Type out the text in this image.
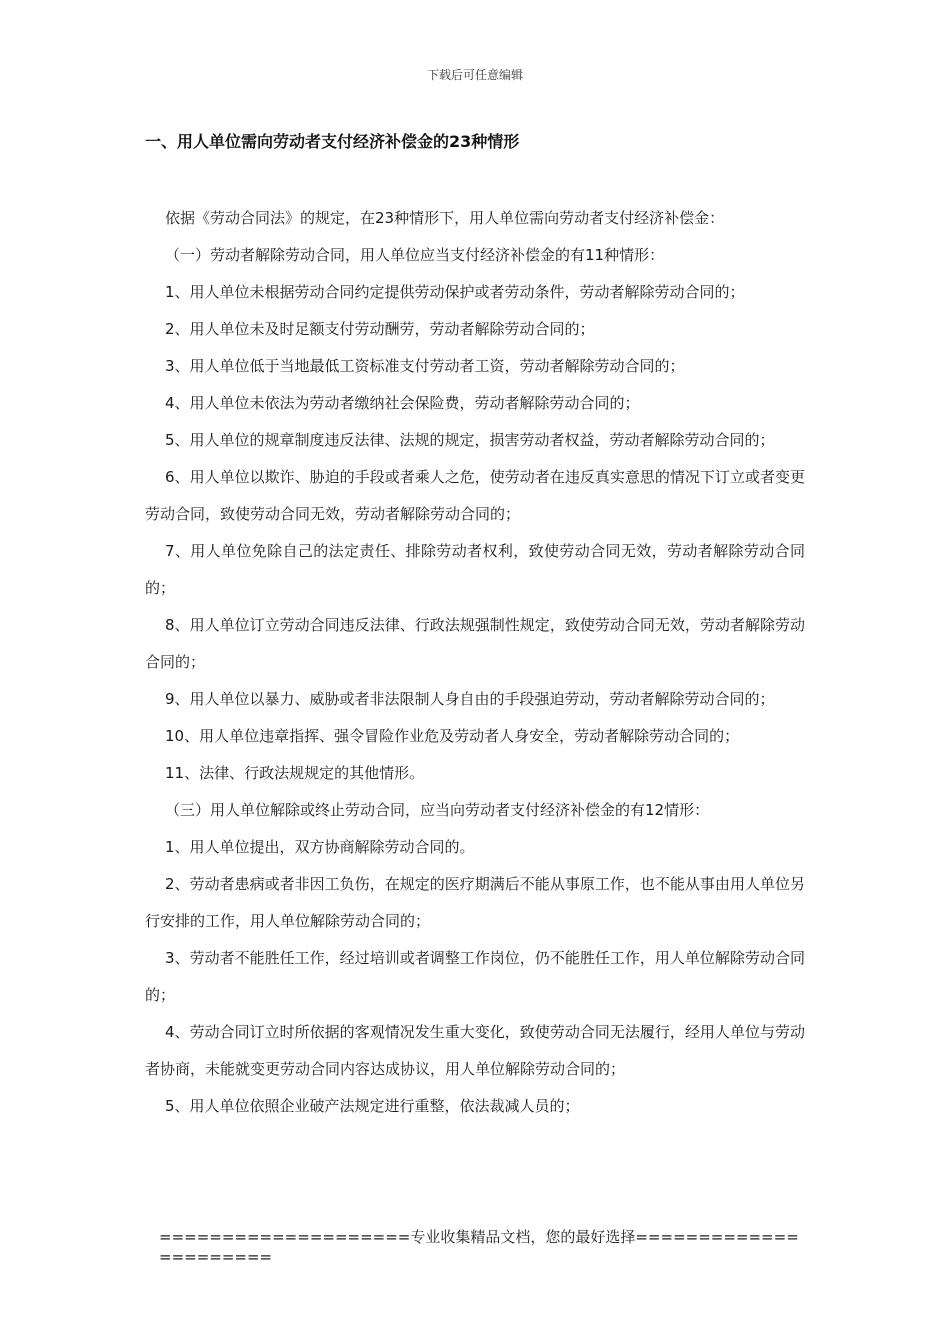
下载后可任意编辑
一、用人单位需向劳动者支付经济补偿金的23种情形

依据《劳动合同法》的规定，在23种情形下，用人单位需向劳动者支付经济补偿金：

（一）劳动者解除劳动合同，用人单位应当支付经济补偿金的有11种情形：

1、用人单位未根据劳动合同约定提供劳动保护或者劳动条件，劳动者解除劳动合同的；

2、用人单位未及时足额支付劳动酬劳，劳动者解除劳动合同的；

3、用人单位低于当地最低工资标准支付劳动者工资，劳动者解除劳动合同的；

4、用人单位未依法为劳动者缴纳社会保险费，劳动者解除劳动合同的；

5、用人单位的规章制度违反法律、法规的规定，损害劳动者权益，劳动者解除劳动合同的；

6、用人单位以欺诈、胁迫的手段或者乘人之危，使劳动者在违反真实意思的情况下订立或者变更劳动合同，致使劳动合同无效，劳动者解除劳动合同的；

7、用人单位免除自己的法定责任、排除劳动者权利，致使劳动合同无效，劳动者解除劳动合同的；

8、用人单位订立劳动合同违反法律、行政法规强制性规定，致使劳动合同无效，劳动者解除劳动合同的；

9、用人单位以暴力、威胁或者非法限制人身自由的手段强迫劳动，劳动者解除劳动合同的；

10、用人单位违章指挥、强令冒险作业危及劳动者人身安全，劳动者解除劳动合同的；

11、法律、行政法规规定的其他情形。

（三）用人单位解除或终止劳动合同，应当向劳动者支付经济补偿金的有12情形：

1、用人单位提出，双方协商解除劳动合同的。

2、劳动者患病或者非因工负伤，在规定的医疗期满后不能从事原工作，也不能从事由用人单位另行安排的工作，用人单位解除劳动合同的；

3、劳动者不能胜任工作，经过培训或者调整工作岗位，仍不能胜任工作，用人单位解除劳动合同的；

4、劳动合同订立时所依据的客观情况发生重大变化，致使劳动合同无法履行，经用人单位与劳动者协商，未能就变更劳动合同内容达成协议，用人单位解除劳动合同的；

5、用人单位依照企业破产法规定进行重整，依法裁减人员的；

====================专业收集精品文档，您的最好选择======================
